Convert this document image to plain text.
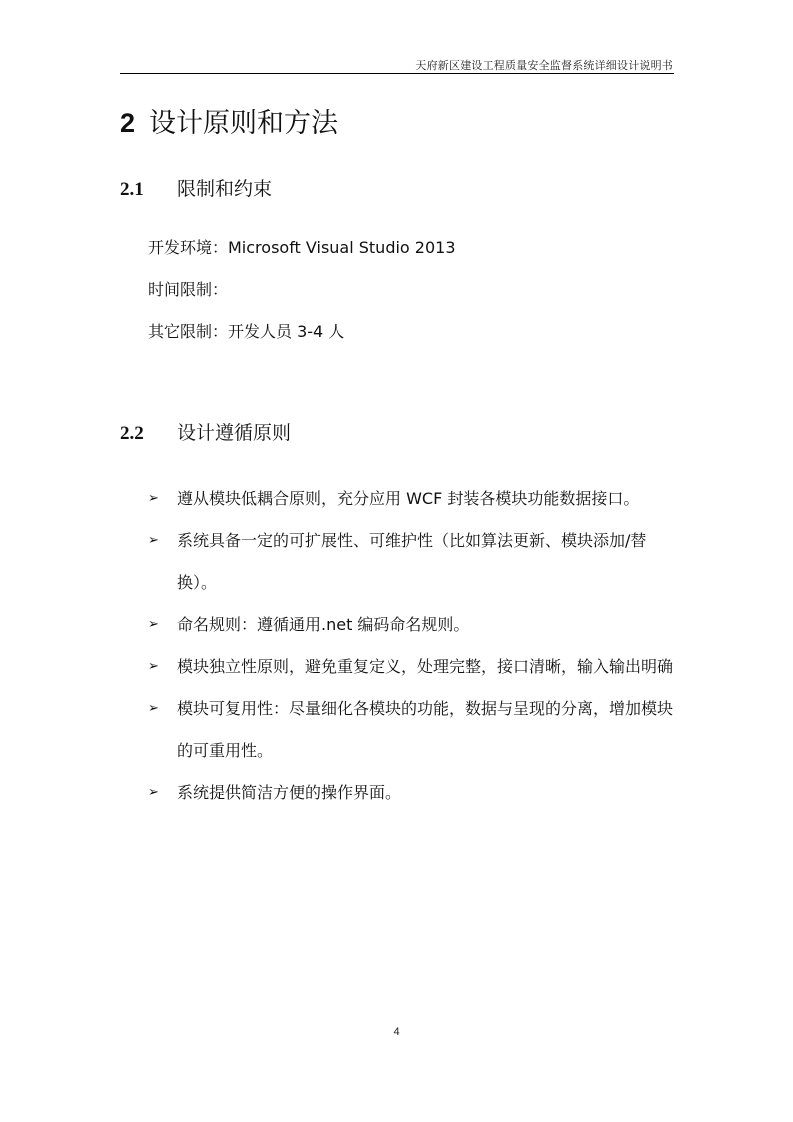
天府新区建设工程质量安全监督系统详细设计说明书
2 设计原则和方法
2.1 限制和约束
开发环境：Microsoft Visual Studio 2013
时间限制：
其它限制：开发人员 3-4 人
2.2 设计遵循原则
➢ 遵从模块低耦合原则，充分应用 WCF 封装各模块功能数据接口。
➢ 系统具备一定的可扩展性、可维护性（比如算法更新、模块添加/替换）。
➢ 命名规则：遵循通用.net 编码命名规则。
➢ 模块独立性原则，避免重复定义，处理完整，接口清晰，输入输出明确
➢ 模块可复用性：尽量细化各模块的功能，数据与呈现的分离，增加模块的可重用性。
➢ 系统提供简洁方便的操作界面。
4
